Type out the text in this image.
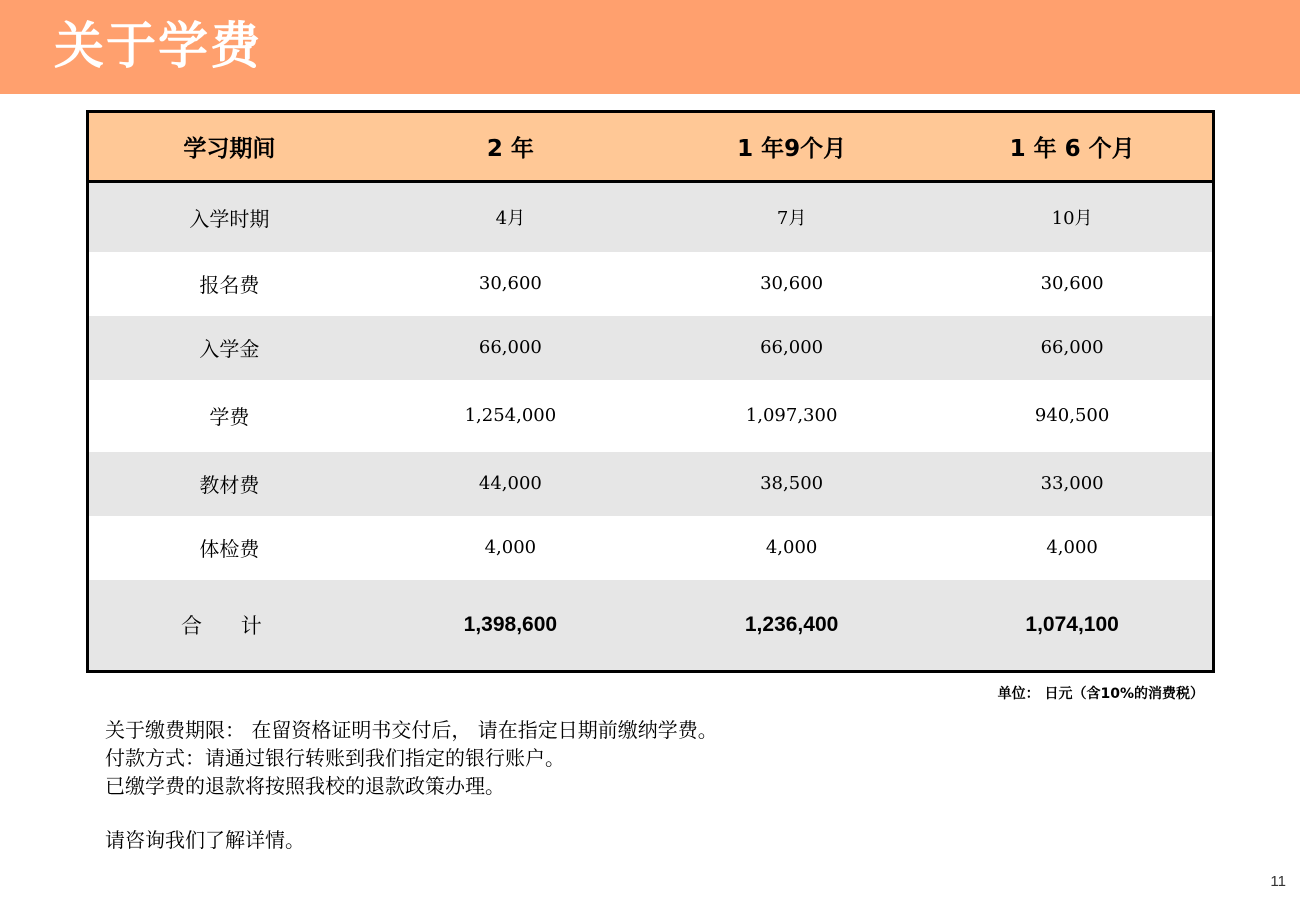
关于学费
学习期间	2 年	1 年9个月	1 年 6 个月
入学时期	4月	7月	10月
报名费	30,600	30,600	30,600
入学金	66,000	66,000	66,000
学费	1,254,000	1,097,300	940,500
教材费	44,000	38,500	33,000
体检费	4,000	4,000	4,000
合 计	1,398,600	1,236,400	1,074,100
单位： 日元（含10%的消费税）
关于缴费期限： 在留资格证明书交付后， 请在指定日期前缴纳学费。
付款方式：请通过银行转账到我们指定的银行账户。
已缴学费的退款将按照我校的退款政策办理。
请咨询我们了解详情。
11
